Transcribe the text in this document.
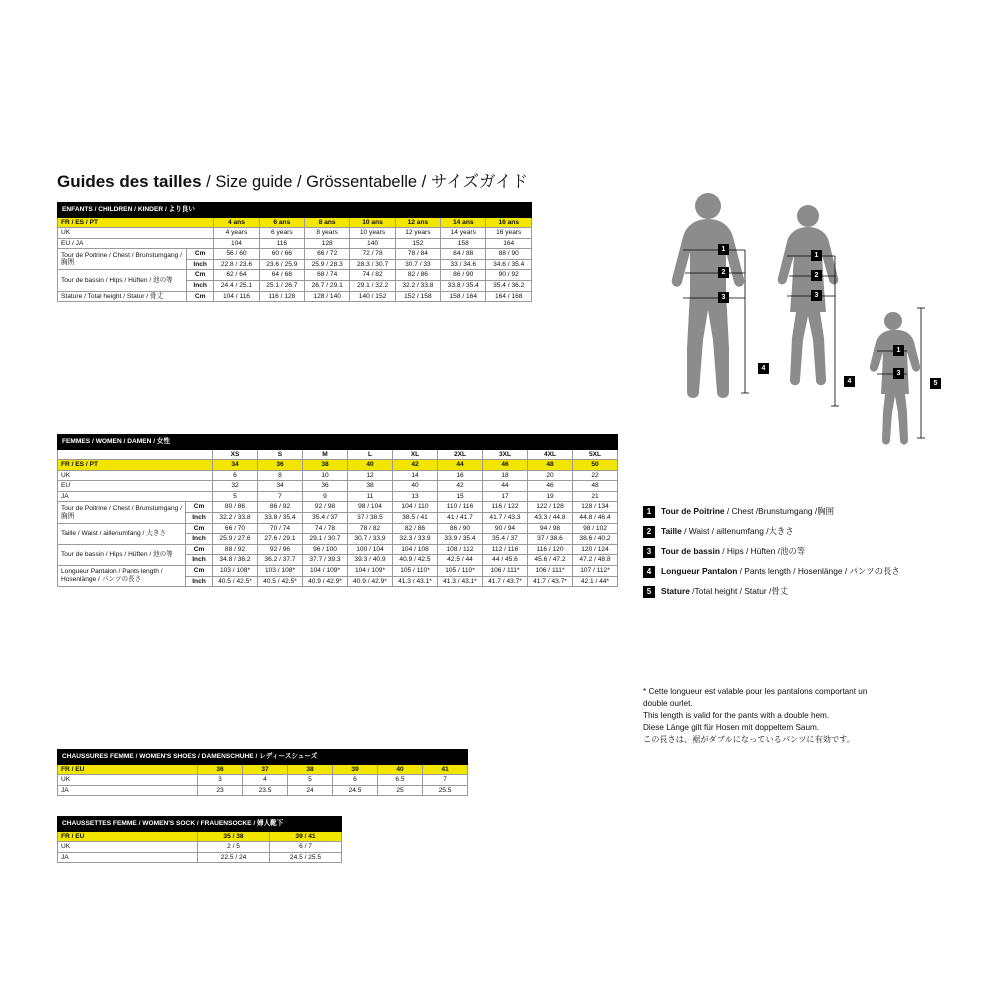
Guides des tailles / Size guide / Grössentabelle / サイズガイド
ENFANTS / CHILDREN / KINDER / より良い								
FR / ES / PT		4 ans	6 ans	8 ans	10 ans	12 ans	14 ans	16 ans
UK		4 years	6 years	8 years	10 years	12 years	14 years	16 years
EU / JA		104	116	128	140	152	158	164
Tour de Poitrine / Chest / Brunstumgang / 胸囲	Cm	56 / 60	60 / 66	66 / 72	72 / 78	78 / 84	84 / 88	88 / 90
	Inch	22.8 / 23.6	23.6 / 25.9	25.9 / 28.3	28.3 / 30.7	30.7 / 33	33 / 34.6	34.6 / 35.4
Tour de bassin / Hips / Hüften / 池の等	Cm	62 / 64	64 / 68	68 / 74	74 / 82	82 / 86	86 / 90	90 / 92
	Inch	24.4 / 25.1	25.1 / 26.7	26.7 / 29.1	29.1 / 32.2	32.2 / 33.8	33.8 / 35.4	35.4 / 36.2
Stature / Total height / Statur / 骨丈	Cm	104 / 116	116 / 128	128 / 140	140 / 152	152 / 158	158 / 164	164 / 168
FEMMES / WOMEN / DAMEN / 女性										
		XS	S	M	L	XL	2XL	3XL	4XL	5XL
FR / ES / PT		34	36	38	40	42	44	46	48	50
UK		6	8	10	12	14	16	18	20	22
EU		32	34	36	38	40	42	44	46	48
JA		5	7	9	11	13	15	17	19	21
Tour de Poitrine / Chest / Brunstumgang / 胸囲	Cm	80 / 86	86 / 92	92 / 98	98 / 104	104 / 110	110 / 116	116 / 122	122 / 128	128 / 134
	Inch	32.2 / 33.8	33.8 / 35.4	35.4 / 37	37 / 38.5	38.5 / 41	41 / 41.7	41.7 / 43.3	43.3 / 44.8	44.8 / 46.4
Taille / Waist / aillenumfang / 大きさ	Cm	66 / 70	70 / 74	74 / 78	78 / 82	82 / 86	86 / 90	90 / 94	94 / 98	98 / 102
	Inch	25.9 / 27.6	27.6 / 29.1	29.1 / 30.7	30.7 / 33.9	32.3 / 33.9	33.9 / 35.4	35.4 / 37	37 / 38.6	38.6 / 40.2
Tour de bassin / Hips / Hüften / 池の等	Cm	88 / 92	92 / 96	96 / 100	100 / 104	104 / 108	108 / 112	112 / 116	116 / 120	120 / 124
	Inch	34.8 / 36.2	36.2 / 37.7	37.7 / 39.3	39.3 / 40.9	40.9 / 42.5	42.5 / 44	44 / 45.6	45.6 / 47.2	47.2 / 48.8
Longueur Pantalon / Pants length / Hosenlänge / パンツの長さ	Cm	103 / 108*	103 / 108*	104 / 109*	104 / 109*	105 / 110*	105 / 110*	106 / 111*	106 / 111*	107 / 112*
	Inch	40.5 / 42.5*	40.5 / 42.5*	40.9 / 42.9*	40.9 / 42.9*	41.3 / 43.1*	41.3 / 43.1*	41.7 / 43.7*	41.7 / 43.7*	42.1 / 44*
CHAUSSURES FEMME / WOMEN'S SHOES / DAMENSCHUHE / レディースシューズ						
FR / EU	36	37	38	39	40	41
UK	3	4	5	6	6.5	7
JA	23	23.5	24	24.5	25	25.5
CHAUSSETTES FEMME / WOMEN'S SOCK / FRAUENSOCKE / 婦人靴下		
FR / EU	35 / 38	39 / 41
UK	2 / 5	6 / 7
JA	22.5 / 24	24.5 / 25.5
1
2
3
4
1
2
3
4
1
3
5
1	Tour de Poitrine / Chest /Brunstumgang /胸囲
2	Taille / Waist / aillenumfang /大きさ
3	Tour de bassin / Hips / Hüften /池の等
4	Longueur Pantalon / Pants length / Hosenlänge / パンツの長さ
5	Stature /Total height / Statur /骨丈
* Cette longueur est valable pour les pantalons comportant un
double ourlet.
This length is valid for the pants with a double hem.
Diese Länge gilt für Hosen mit doppeltem Saum.
この長さは、裾がダブルになっているパンツに有効です。
